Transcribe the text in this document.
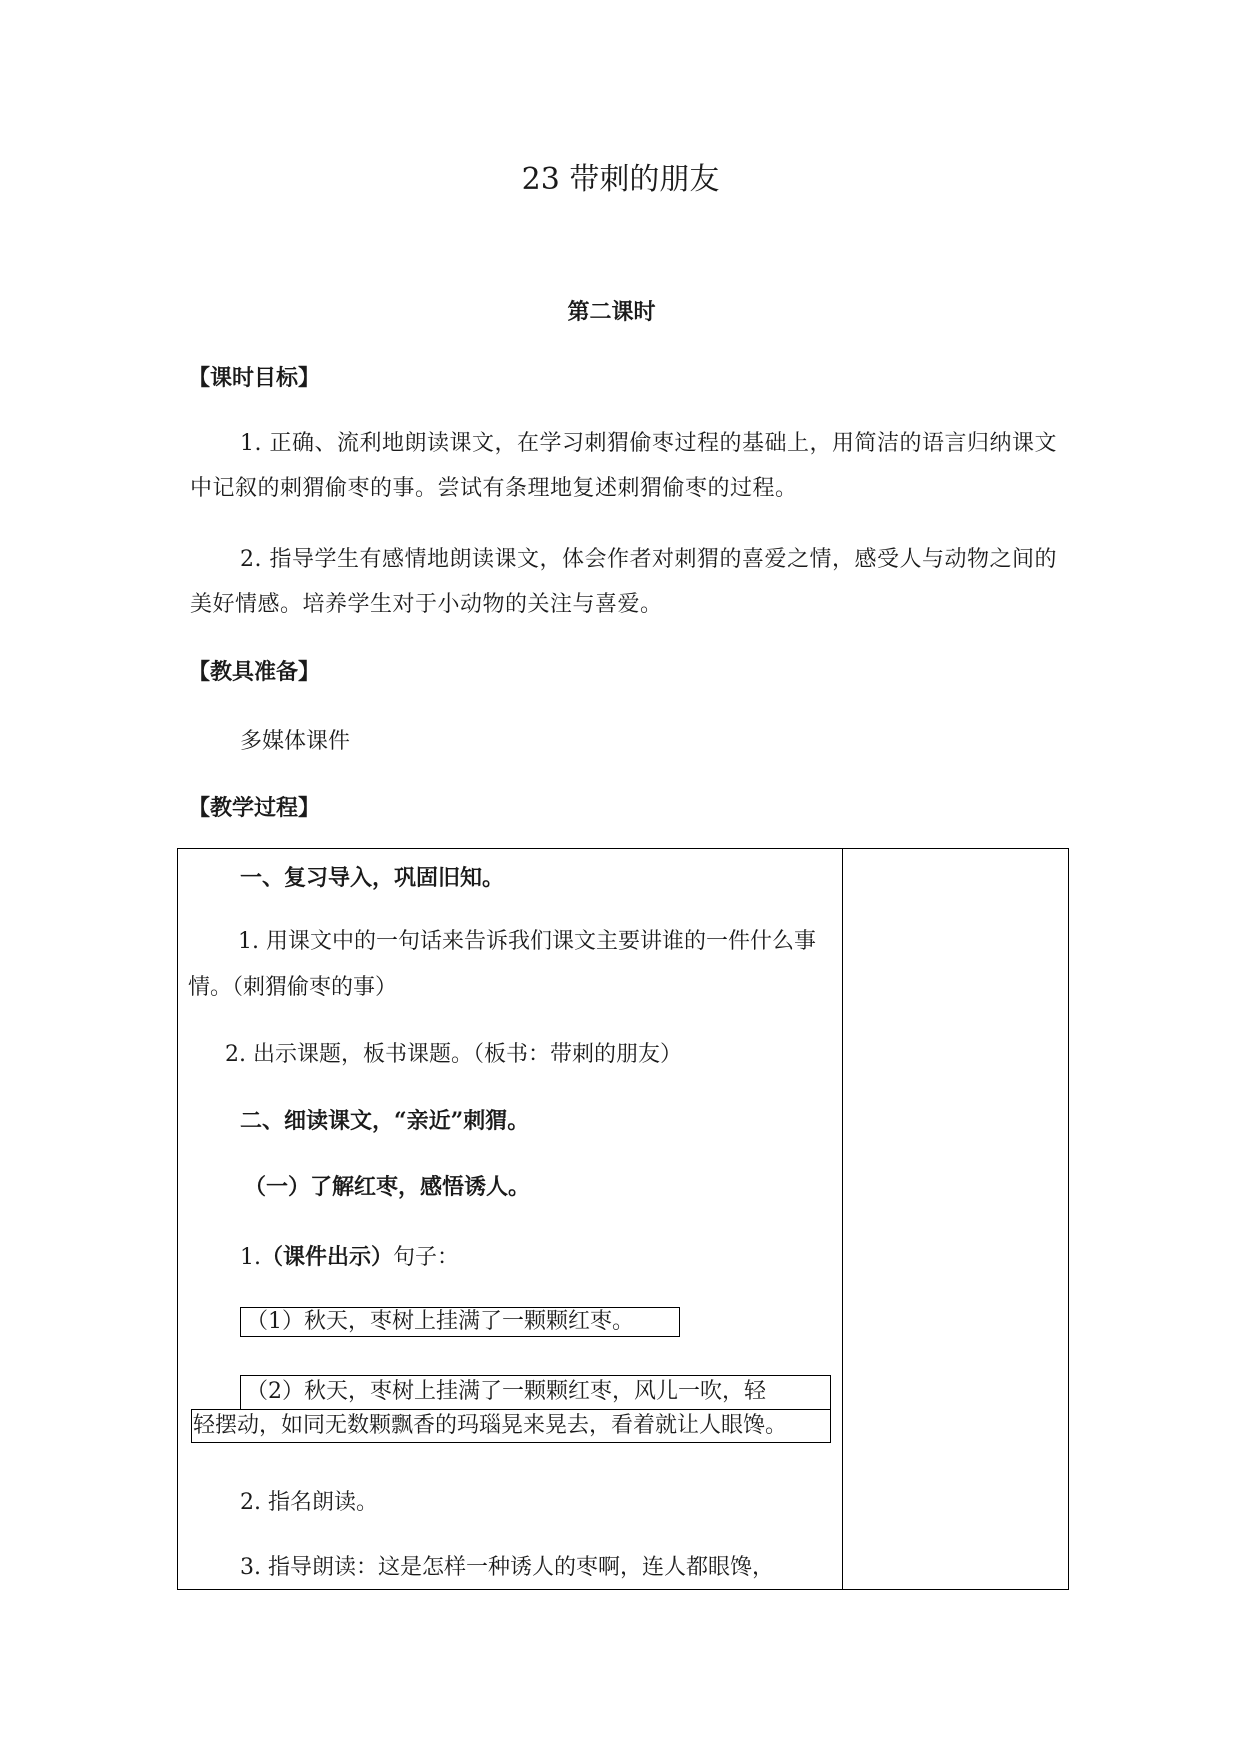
23 带刺的朋友
第二课时
【课时目标】
1. 正确、流利地朗读课文，在学习刺猬偷枣过程的基础上，用简洁的语言归纳课文中记叙的刺猬偷枣的事。尝试有条理地复述刺猬偷枣的过程。
2. 指导学生有感情地朗读课文，体会作者对刺猬的喜爱之情，感受人与动物之间的美好情感。培养学生对于小动物的关注与喜爱。
【教具准备】
多媒体课件
【教学过程】
一、复习导入，巩固旧知。
1. 用课文中的一句话来告诉我们课文主要讲谁的一件什么事情。（刺猬偷枣的事）
2. 出示课题，板书课题。（板书：带刺的朋友）
二、细读课文，“亲近”刺猬。
（一）了解红枣，感悟诱人。
1.（课件出示）句子：
（1）秋天，枣树上挂满了一颗颗红枣。
（2）秋天，枣树上挂满了一颗颗红枣，风儿一吹，轻
轻摆动，如同无数颗飘香的玛瑙晃来晃去，看着就让人眼馋。
2. 指名朗读。
3. 指导朗读：这是怎样一种诱人的枣啊，连人都眼馋，
